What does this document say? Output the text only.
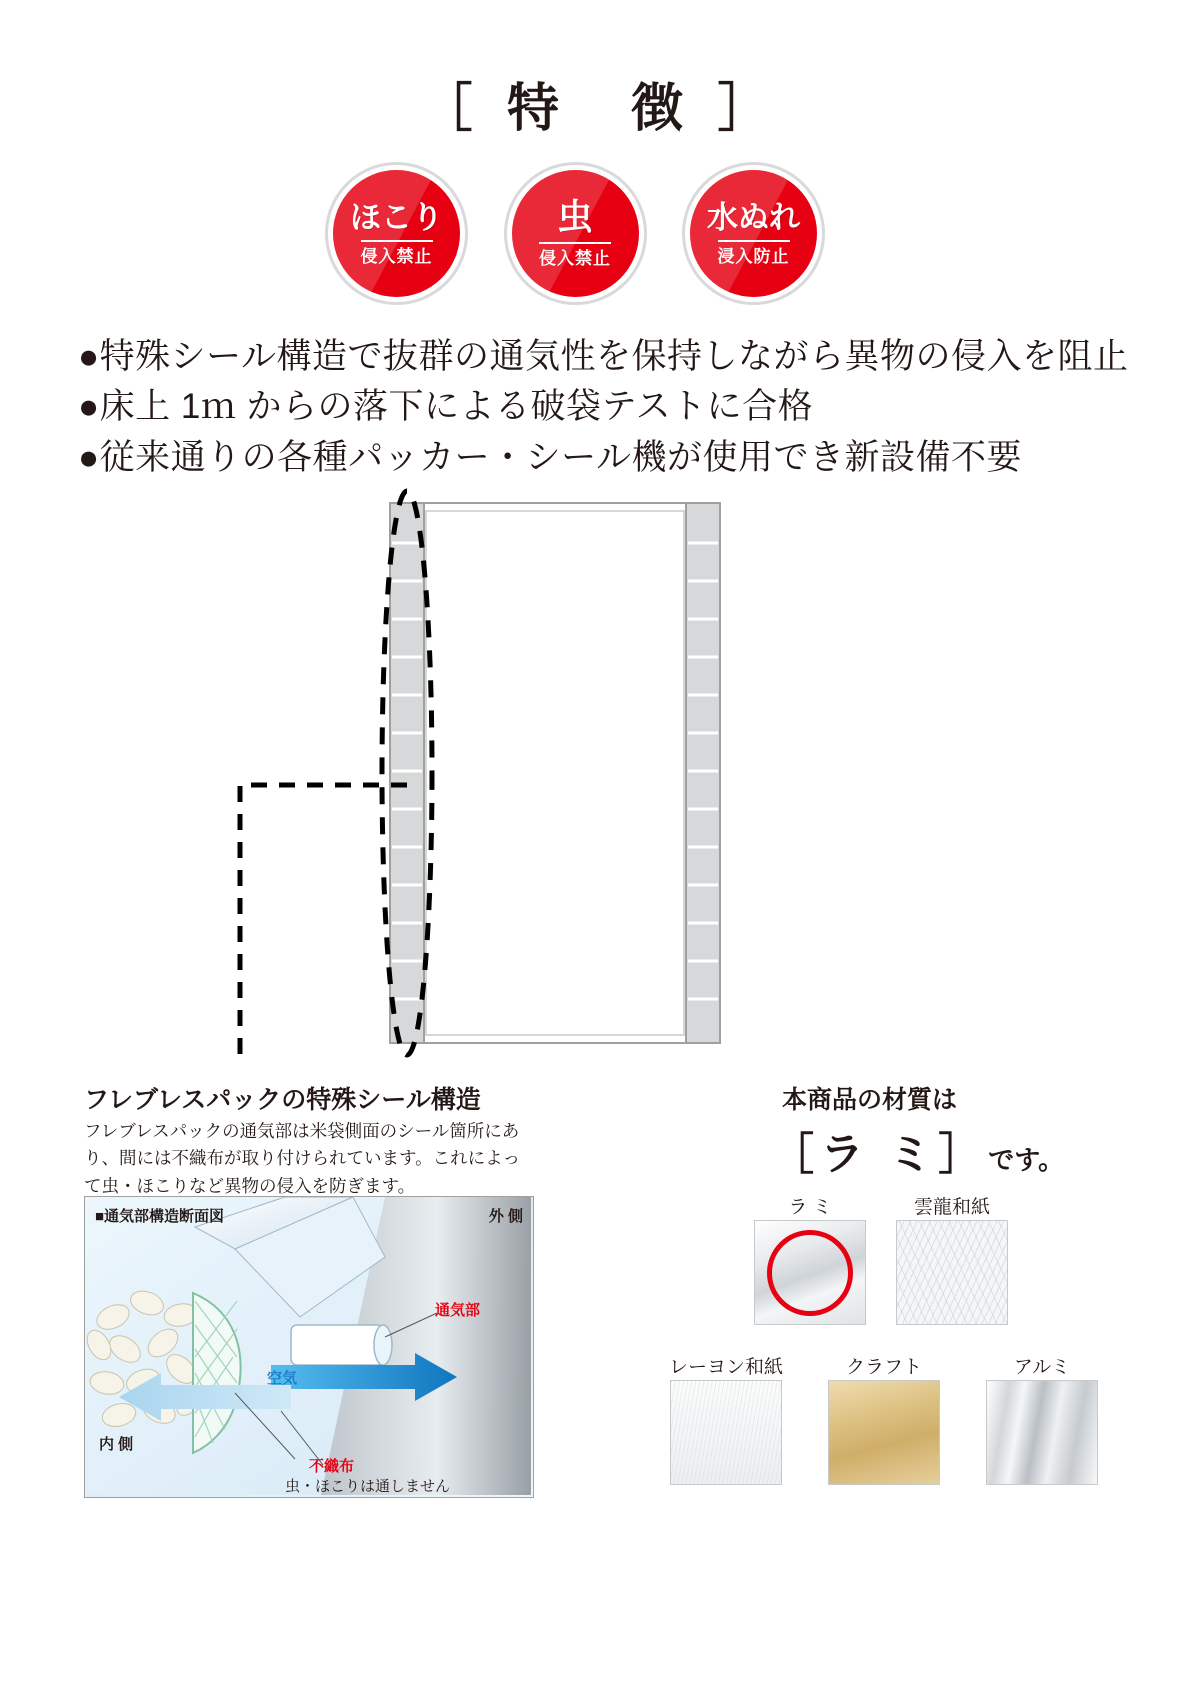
［ 特　徴 ］
ほこり
侵入禁止
虫
侵入禁止
水ぬれ
浸入防止
●特殊シール構造で抜群の通気性を保持しながら異物の侵入を阻止
●床上 1ｍ からの落下による破袋テストに合格
●従来通りの各種パッカー・シール機が使用でき新設備不要
フレブレスパックの特殊シール構造
フレブレスパックの通気部は米袋側面のシール箇所にあり、間には不織布が取り付けられています。これによって虫・ほこりなど異物の侵入を防ぎます。
■通気部構造断面図	外 側
内 側
通気部
空気
不織布
虫・ほこりは通しません
本商品の材質は
［ラ ミ］です。
ラ ミ	雲龍和紙
レーヨン和紙	クラフト	アルミ
